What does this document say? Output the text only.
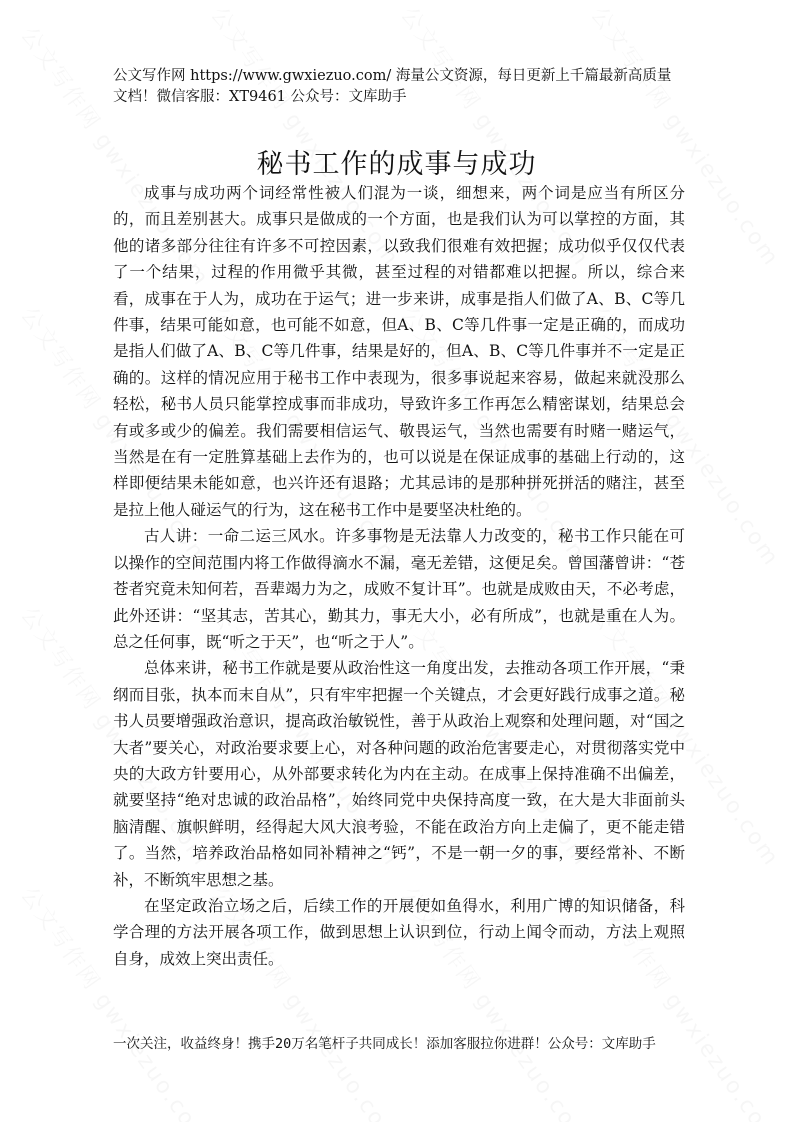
公文写作网 https://www.gwxiezuo.com/ 海量公文资源，每日更新上千篇最新高质量文档！微信客服：XT9461 公众号：文库助手
秘书工作的成事与成功

成事与成功两个词经常性被人们混为一谈，细想来，两个词是应当有所区分的，而且差别甚大。成事只是做成的一个方面，也是我们认为可以掌控的方面，其他的诸多部分往往有许多不可控因素，以致我们很难有效把握；成功似乎仅仅代表了一个结果，过程的作用微乎其微，甚至过程的对错都难以把握。所以，综合来看，成事在于人为，成功在于运气；进一步来讲，成事是指人们做了A、B、C等几件事，结果可能如意，也可能不如意，但A、B、C等几件事一定是正确的，而成功是指人们做了A、B、C等几件事，结果是好的，但A、B、C等几件事并不一定是正确的。这样的情况应用于秘书工作中表现为，很多事说起来容易，做起来就没那么轻松，秘书人员只能掌控成事而非成功，导致许多工作再怎么精密谋划，结果总会有或多或少的偏差。我们需要相信运气、敬畏运气，当然也需要有时赌一赌运气，当然是在有一定胜算基础上去作为的，也可以说是在保证成事的基础上行动的，这样即便结果未能如意，也兴许还有退路；尤其忌讳的是那种拼死拼活的赌注，甚至是拉上他人碰运气的行为，这在秘书工作中是要坚决杜绝的。

古人讲：一命二运三风水。许多事物是无法靠人力改变的，秘书工作只能在可以操作的空间范围内将工作做得滴水不漏，毫无差错，这便足矣。曾国藩曾讲：“苍苍者究竟未知何若，吾辈竭力为之，成败不复计耳”。也就是成败由天，不必考虑，此外还讲：“坚其志，苦其心，勤其力，事无大小，必有所成”，也就是重在人为。总之任何事，既“听之于天”，也“听之于人”。

总体来讲，秘书工作就是要从政治性这一角度出发，去推动各项工作开展，“秉纲而目张，执本而末自从”，只有牢牢把握一个关键点，才会更好践行成事之道。秘书人员要增强政治意识，提高政治敏锐性，善于从政治上观察和处理问题，对“国之大者”要关心，对政治要求要上心，对各种问题的政治危害要走心，对贯彻落实党中央的大政方针要用心，从外部要求转化为内在主动。在成事上保持准确不出偏差，就要坚持“绝对忠诚的政治品格”，始终同党中央保持高度一致，在大是大非面前头脑清醒、旗帜鲜明，经得起大风大浪考验，不能在政治方向上走偏了，更不能走错了。当然，培养政治品格如同补精神之“钙”，不是一朝一夕的事，要经常补、不断补，不断筑牢思想之基。

在坚定政治立场之后，后续工作的开展便如鱼得水，利用广博的知识储备，科学合理的方法开展各项工作，做到思想上认识到位，行动上闻令而动，方法上观照自身，成效上突出责任。

一次关注，收益终身！携手20万名笔杆子共同成长！添加客服拉你进群！公众号：文库助手
